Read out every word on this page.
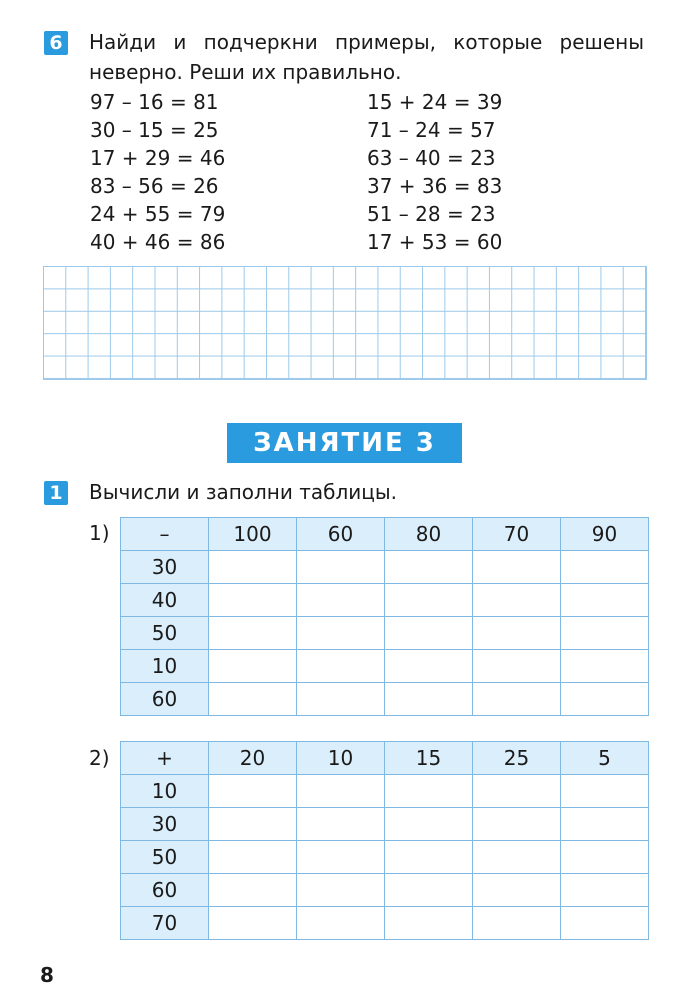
6 Найди и подчеркни примеры, которые решены неверно. Реши их правильно.
97 – 16 = 81
30 – 15 = 25
17 + 29 = 46
83 – 56 = 26
24 + 55 = 79
40 + 46 = 86
15 + 24 = 39
71 – 24 = 57
63 – 40 = 23
37 + 36 = 83
51 – 28 = 23
17 + 53 = 60
ЗАНЯТИЕ 3
1 Вычисли и заполни таблицы.
1) –	100	60	80	70	90
30					
40					
50					
10					
60					
2) +	20	10	15	25	5
10					
30					
50					
60					
70					
8
